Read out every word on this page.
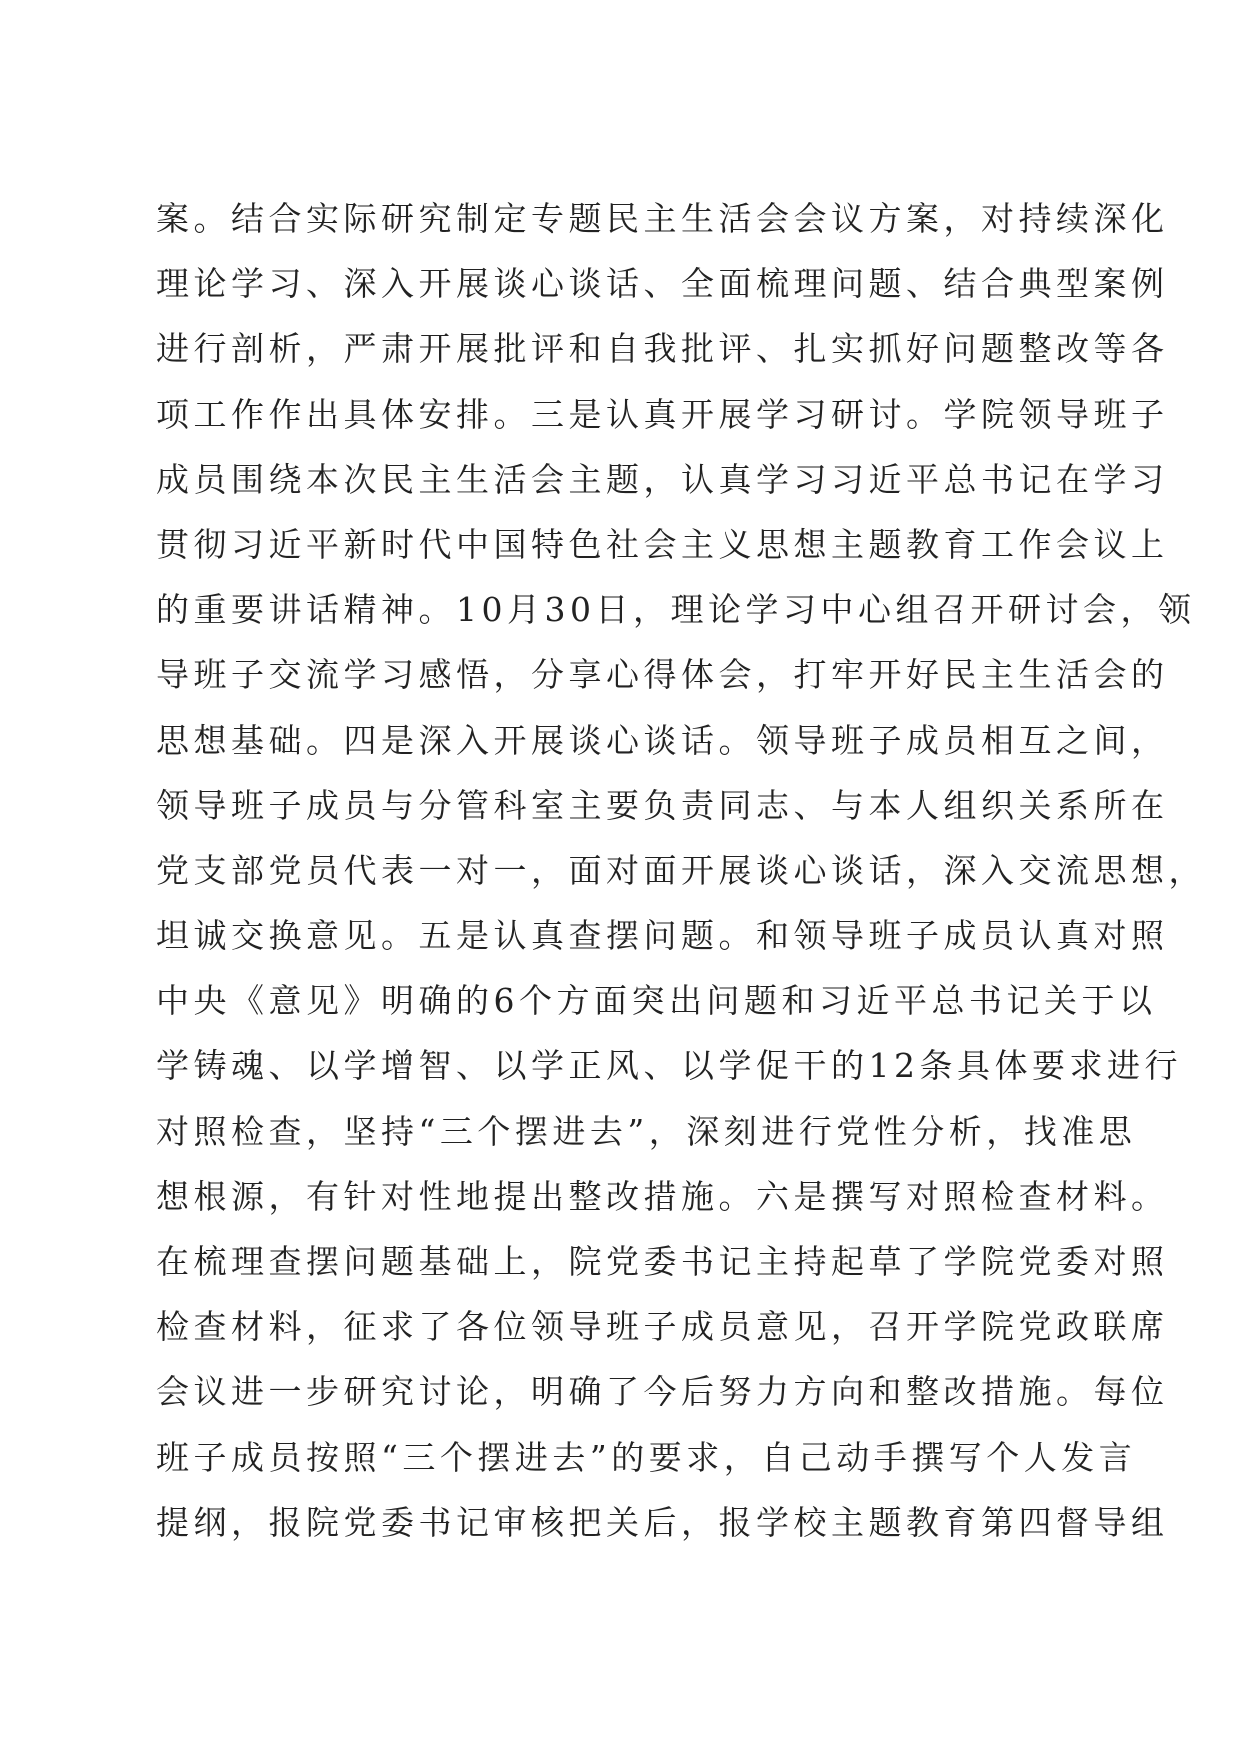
案。结合实际研究制定专题民主生活会会议方案，对持续深化
理论学习、深入开展谈心谈话、全面梳理问题、结合典型案例
进行剖析，严肃开展批评和自我批评、扎实抓好问题整改等各
项工作作出具体安排。三是认真开展学习研讨。学院领导班子
成员围绕本次民主生活会主题，认真学习习近平总书记在学习
贯彻习近平新时代中国特色社会主义思想主题教育工作会议上
的重要讲话精神。10月30日，理论学习中心组召开研讨会，领
导班子交流学习感悟，分享心得体会，打牢开好民主生活会的
思想基础。四是深入开展谈心谈话。领导班子成员相互之间，
领导班子成员与分管科室主要负责同志、与本人组织关系所在
党支部党员代表一对一，面对面开展谈心谈话，深入交流思想，
坦诚交换意见。五是认真查摆问题。和领导班子成员认真对照
中央《意见》明确的6个方面突出问题和习近平总书记关于以
学铸魂、以学增智、以学正风、以学促干的12条具体要求进行
对照检查，坚持“三个摆进去”，深刻进行党性分析，找准思
想根源，有针对性地提出整改措施。六是撰写对照检查材料。
在梳理查摆问题基础上，院党委书记主持起草了学院党委对照
检查材料，征求了各位领导班子成员意见，召开学院党政联席
会议进一步研究讨论，明确了今后努力方向和整改措施。每位
班子成员按照“三个摆进去”的要求，自己动手撰写个人发言
提纲，报院党委书记审核把关后，报学校主题教育第四督导组
